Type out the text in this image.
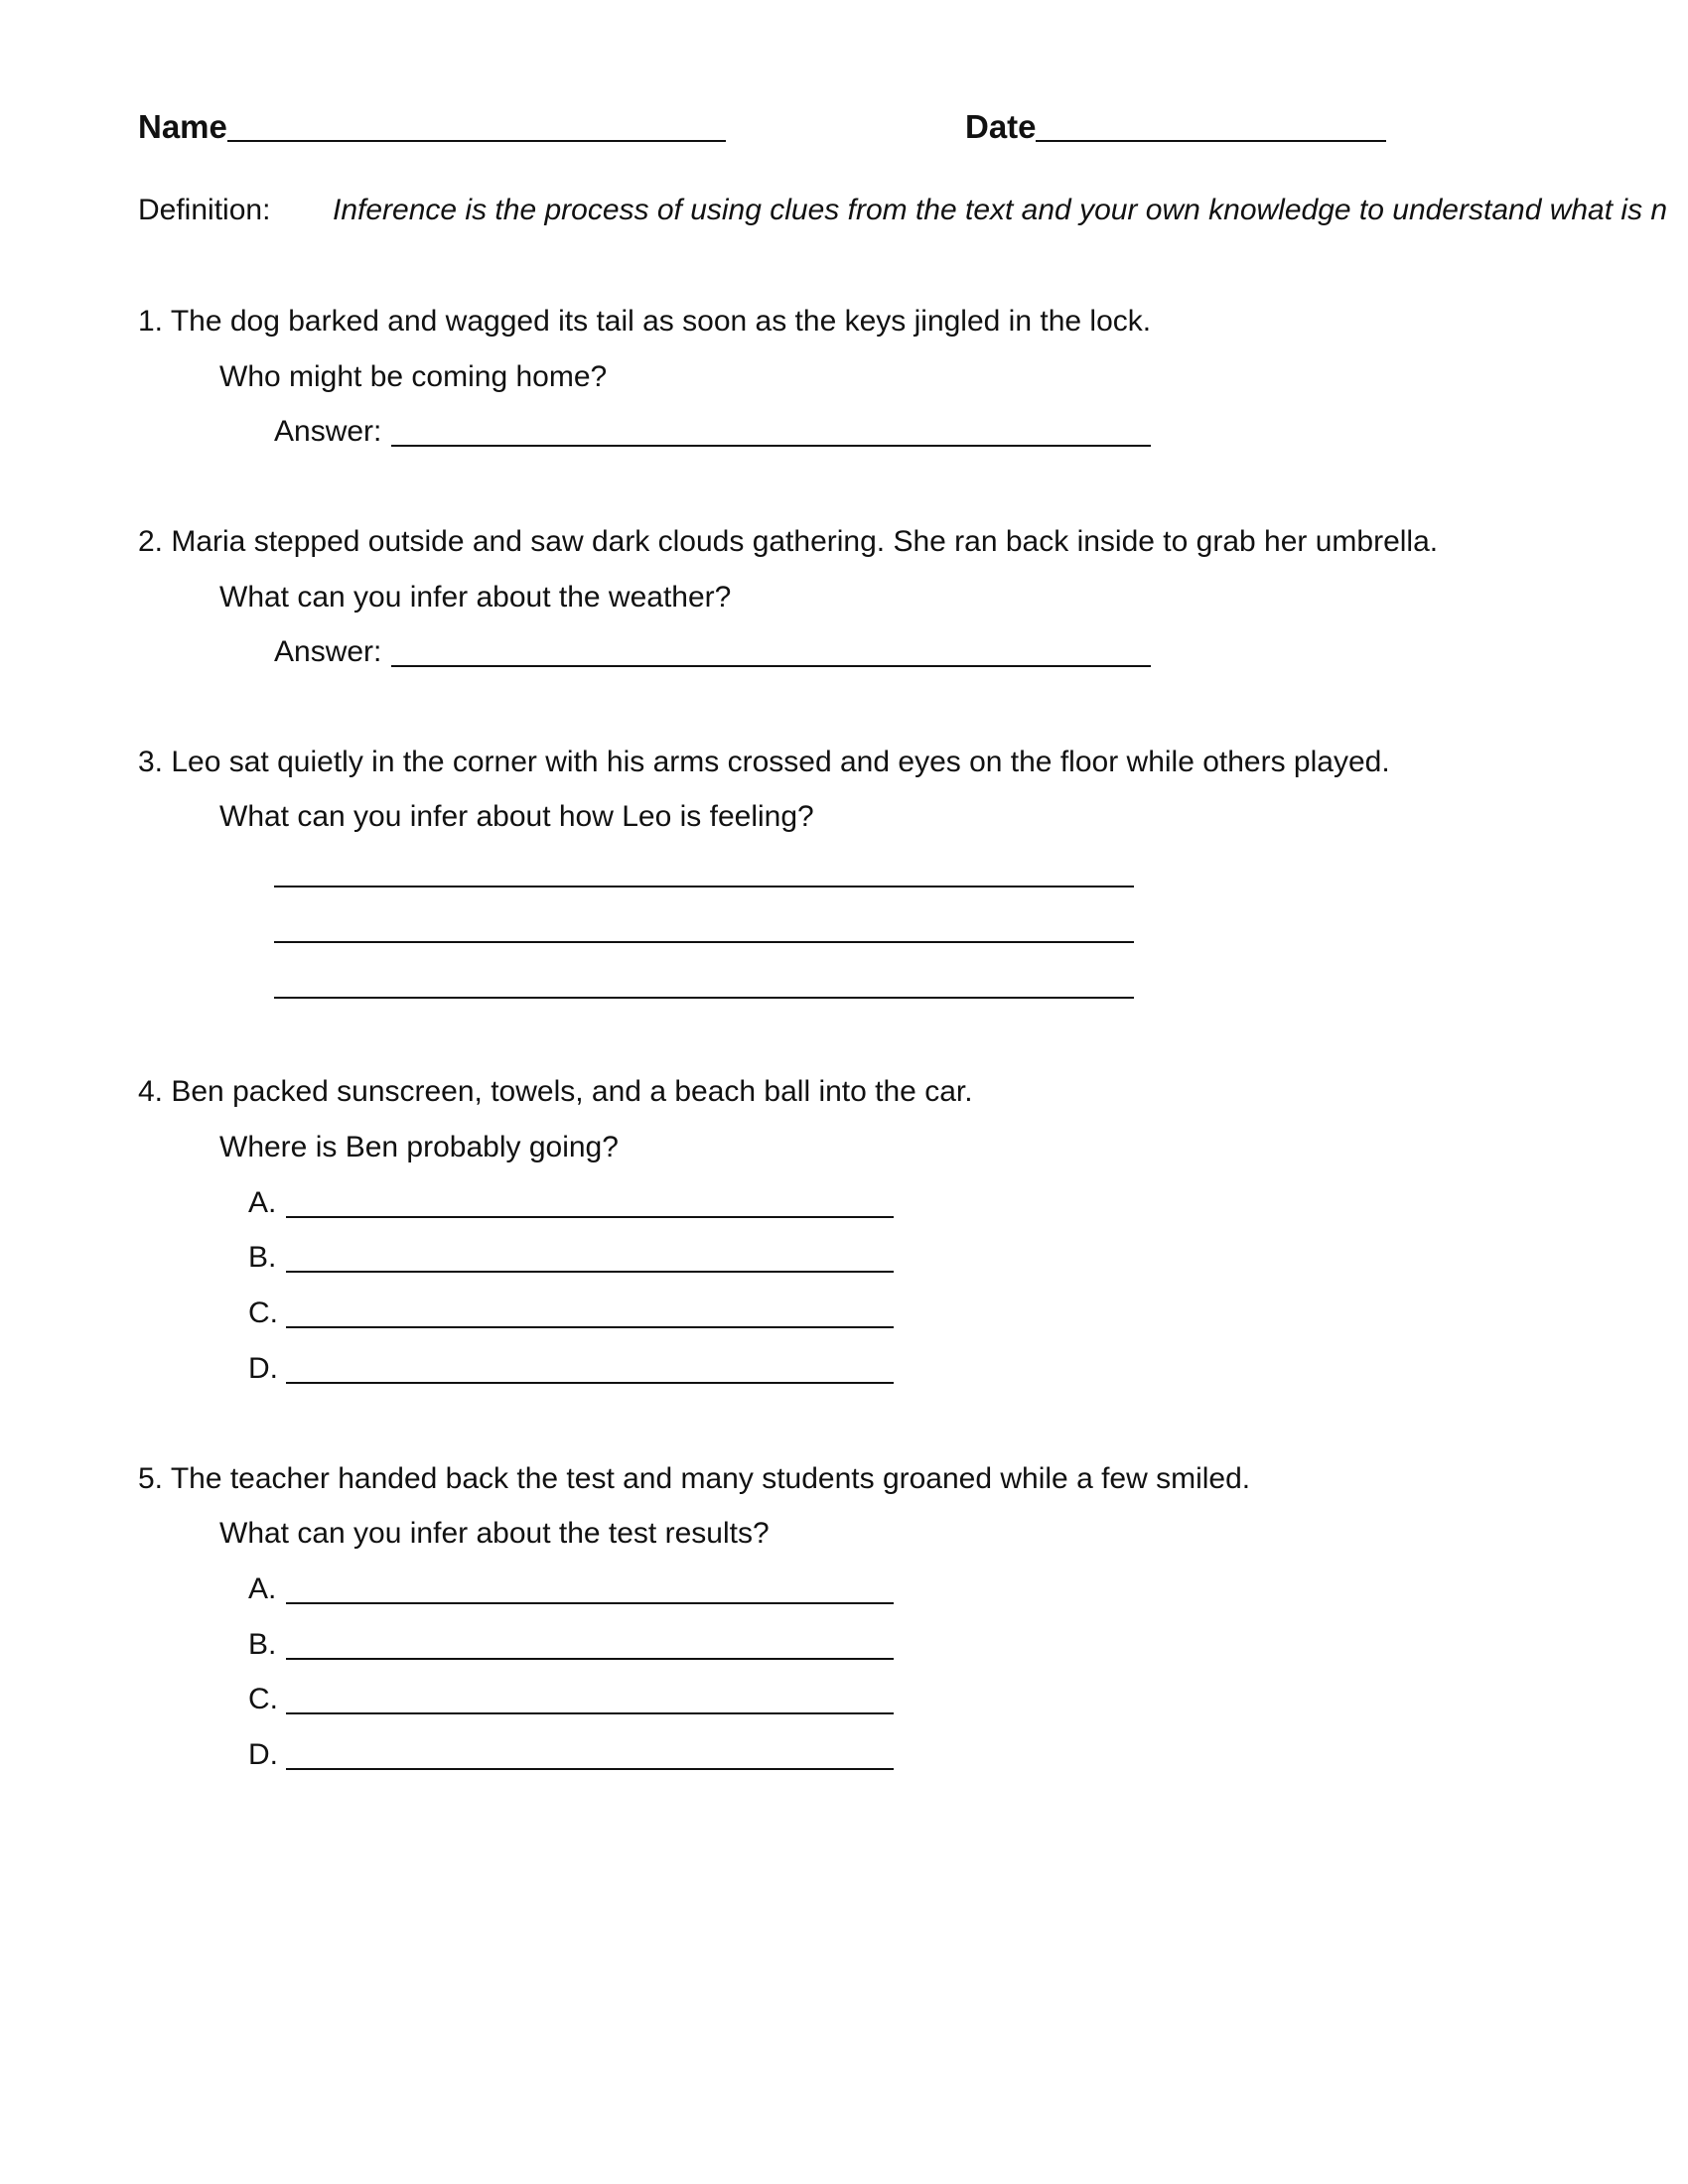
Name	Date
Definition: Inference is the process of using clues from the text and your own knowledge to understand what is n
1. The dog barked and wagged its tail as soon as the keys jingled in the lock.
Who might be coming home?
Answer:
2. Maria stepped outside and saw dark clouds gathering. She ran back inside to grab her umbrella.
What can you infer about the weather?
Answer:
3. Leo sat quietly in the corner with his arms crossed and eyes on the floor while others played.
What can you infer about how Leo is feeling?
4. Ben packed sunscreen, towels, and a beach ball into the car.
Where is Ben probably going?
A.
B.
C.
D.
5. The teacher handed back the test and many students groaned while a few smiled.
What can you infer about the test results?
A.
B.
C.
D.
